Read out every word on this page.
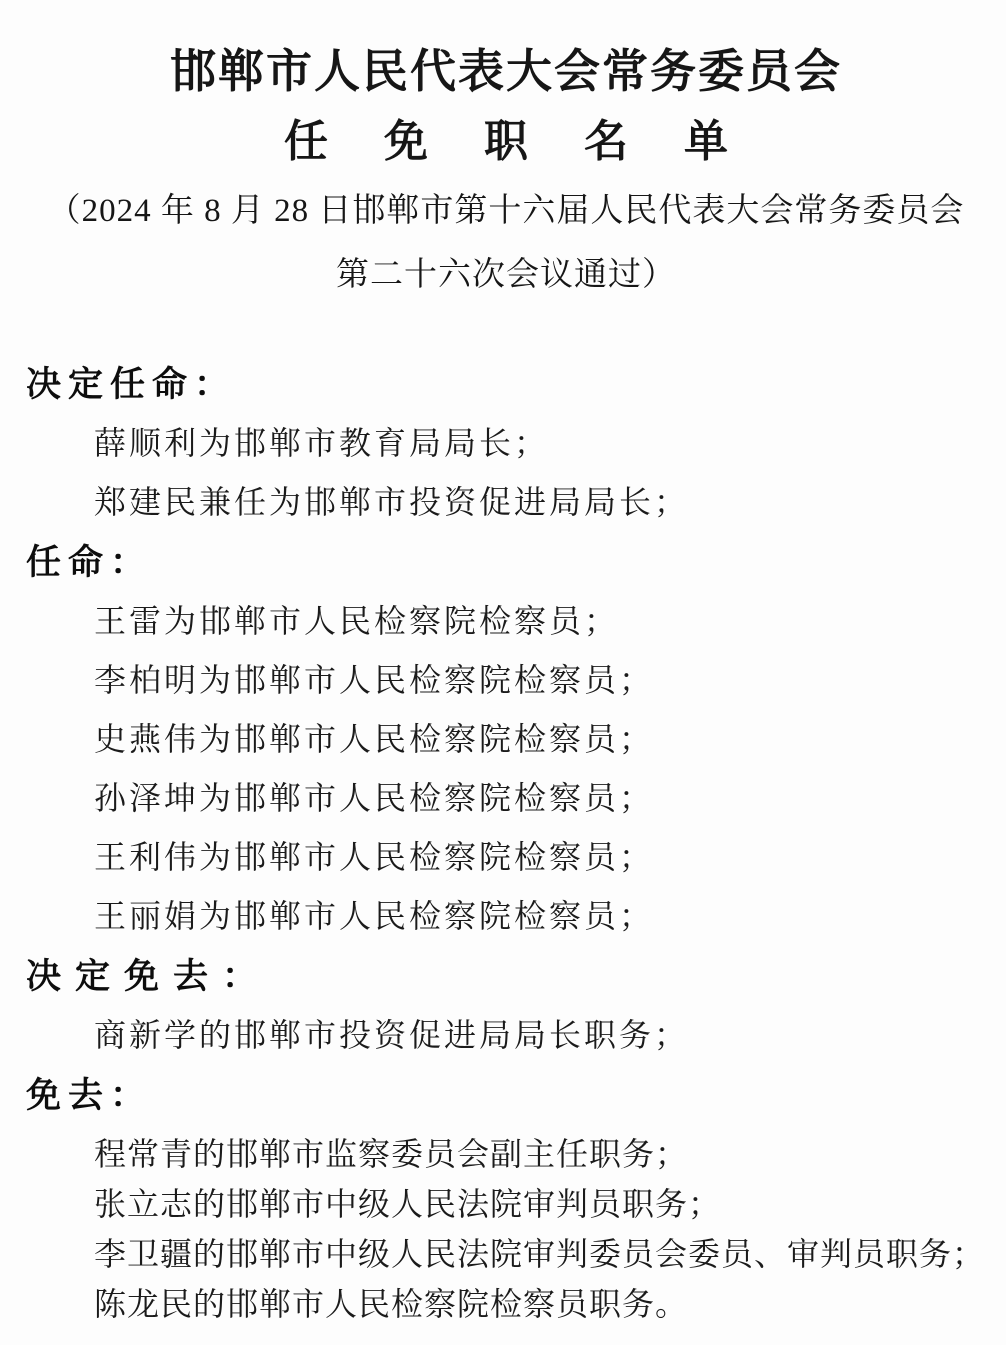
邯郸市人民代表大会常务委员会
任免职名单

（2024 年 8 月 28 日邯郸市第十六届人民代表大会常务委员会

第二十六次会议通过）

决定任命：

薛顺利为邯郸市教育局局长；

郑建民兼任为邯郸市投资促进局局长；

任命：

王雷为邯郸市人民检察院检察员；

李柏明为邯郸市人民检察院检察员；

史燕伟为邯郸市人民检察院检察员；

孙泽坤为邯郸市人民检察院检察员；

王利伟为邯郸市人民检察院检察员；

王丽娟为邯郸市人民检察院检察员；

决定免去：

商新学的邯郸市投资促进局局长职务；

免去：

程常青的邯郸市监察委员会副主任职务；

张立志的邯郸市中级人民法院审判员职务；

李卫疆的邯郸市中级人民法院审判委员会委员、审判员职务；

陈龙民的邯郸市人民检察院检察员职务。
